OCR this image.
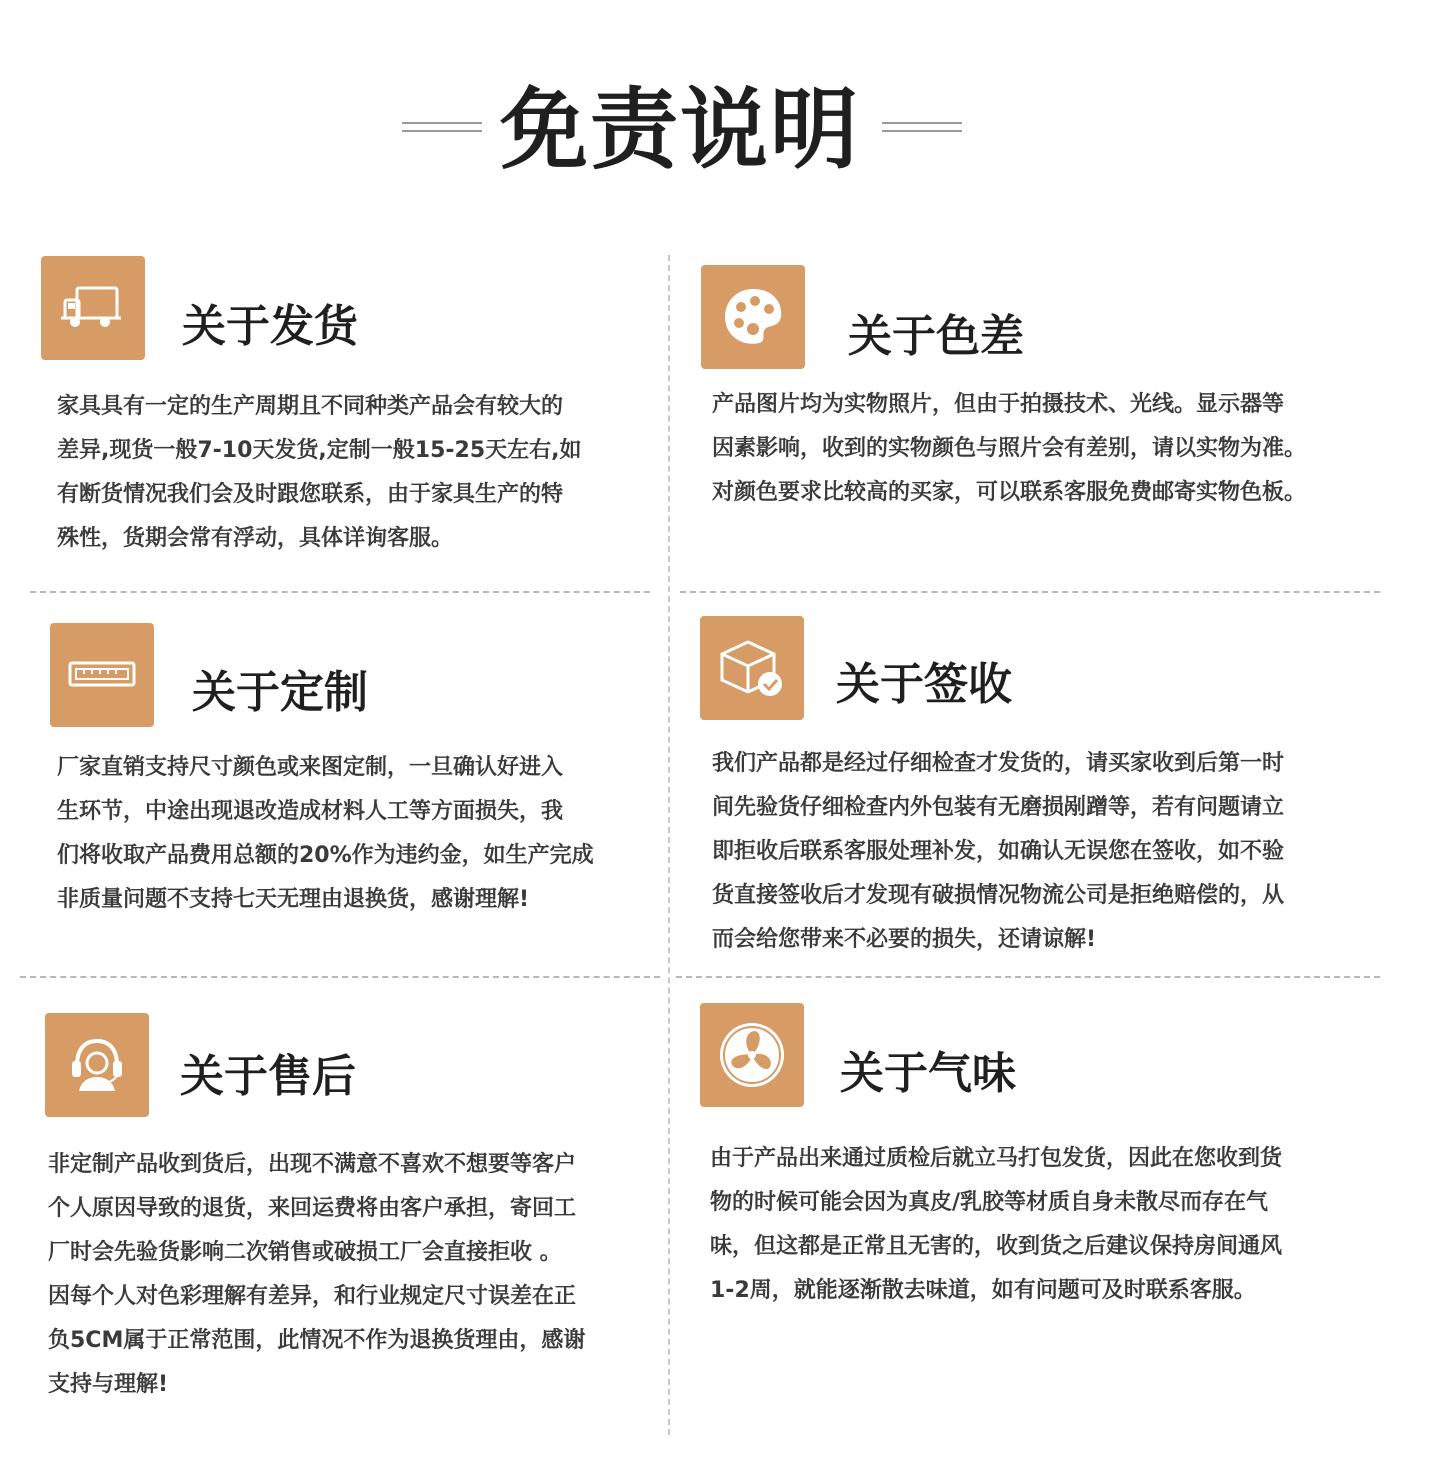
免责说明
关于发货
家具具有一定的生产周期且不同种类产品会有较大的
差异,现货一般7-10天发货,定制一般15-25天左右,如
有断货情况我们会及时跟您联系，由于家具生产的特
殊性，货期会常有浮动，具体详询客服。
关于色差
产品图片均为实物照片，但由于拍摄技术、光线。显示器等
因素影响，收到的实物颜色与照片会有差别，请以实物为准。
对颜色要求比较高的买家，可以联系客服免费邮寄实物色板。
关于定制
厂家直销支持尺寸颜色或来图定制，一旦确认好进入
生环节，中途出现退改造成材料人工等方面损失，我
们将收取产品费用总额的20%作为违约金，如生产完成
非质量问题不支持七天无理由退换货，感谢理解!
关于签收
我们产品都是经过仔细检查才发货的，请买家收到后第一时
间先验货仔细检查内外包装有无磨损剐蹭等，若有问题请立
即拒收后联系客服处理补发，如确认无误您在签收，如不验
货直接签收后才发现有破损情况物流公司是拒绝赔偿的，从
而会给您带来不必要的损失，还请谅解!
关于售后
非定制产品收到货后，出现不满意不喜欢不想要等客户
个人原因导致的退货，来回运费将由客户承担，寄回工
厂时会先验货影响二次销售或破损工厂会直接拒收 。
因每个人对色彩理解有差异，和行业规定尺寸误差在正
负5CM属于正常范围，此情况不作为退换货理由，感谢
支持与理解!
关于气味
由于产品出来通过质检后就立马打包发货，因此在您收到货
物的时候可能会因为真皮/乳胶等材质自身未散尽而存在气
味，但这都是正常且无害的，收到货之后建议保持房间通风
1-2周，就能逐渐散去味道，如有问题可及时联系客服。
